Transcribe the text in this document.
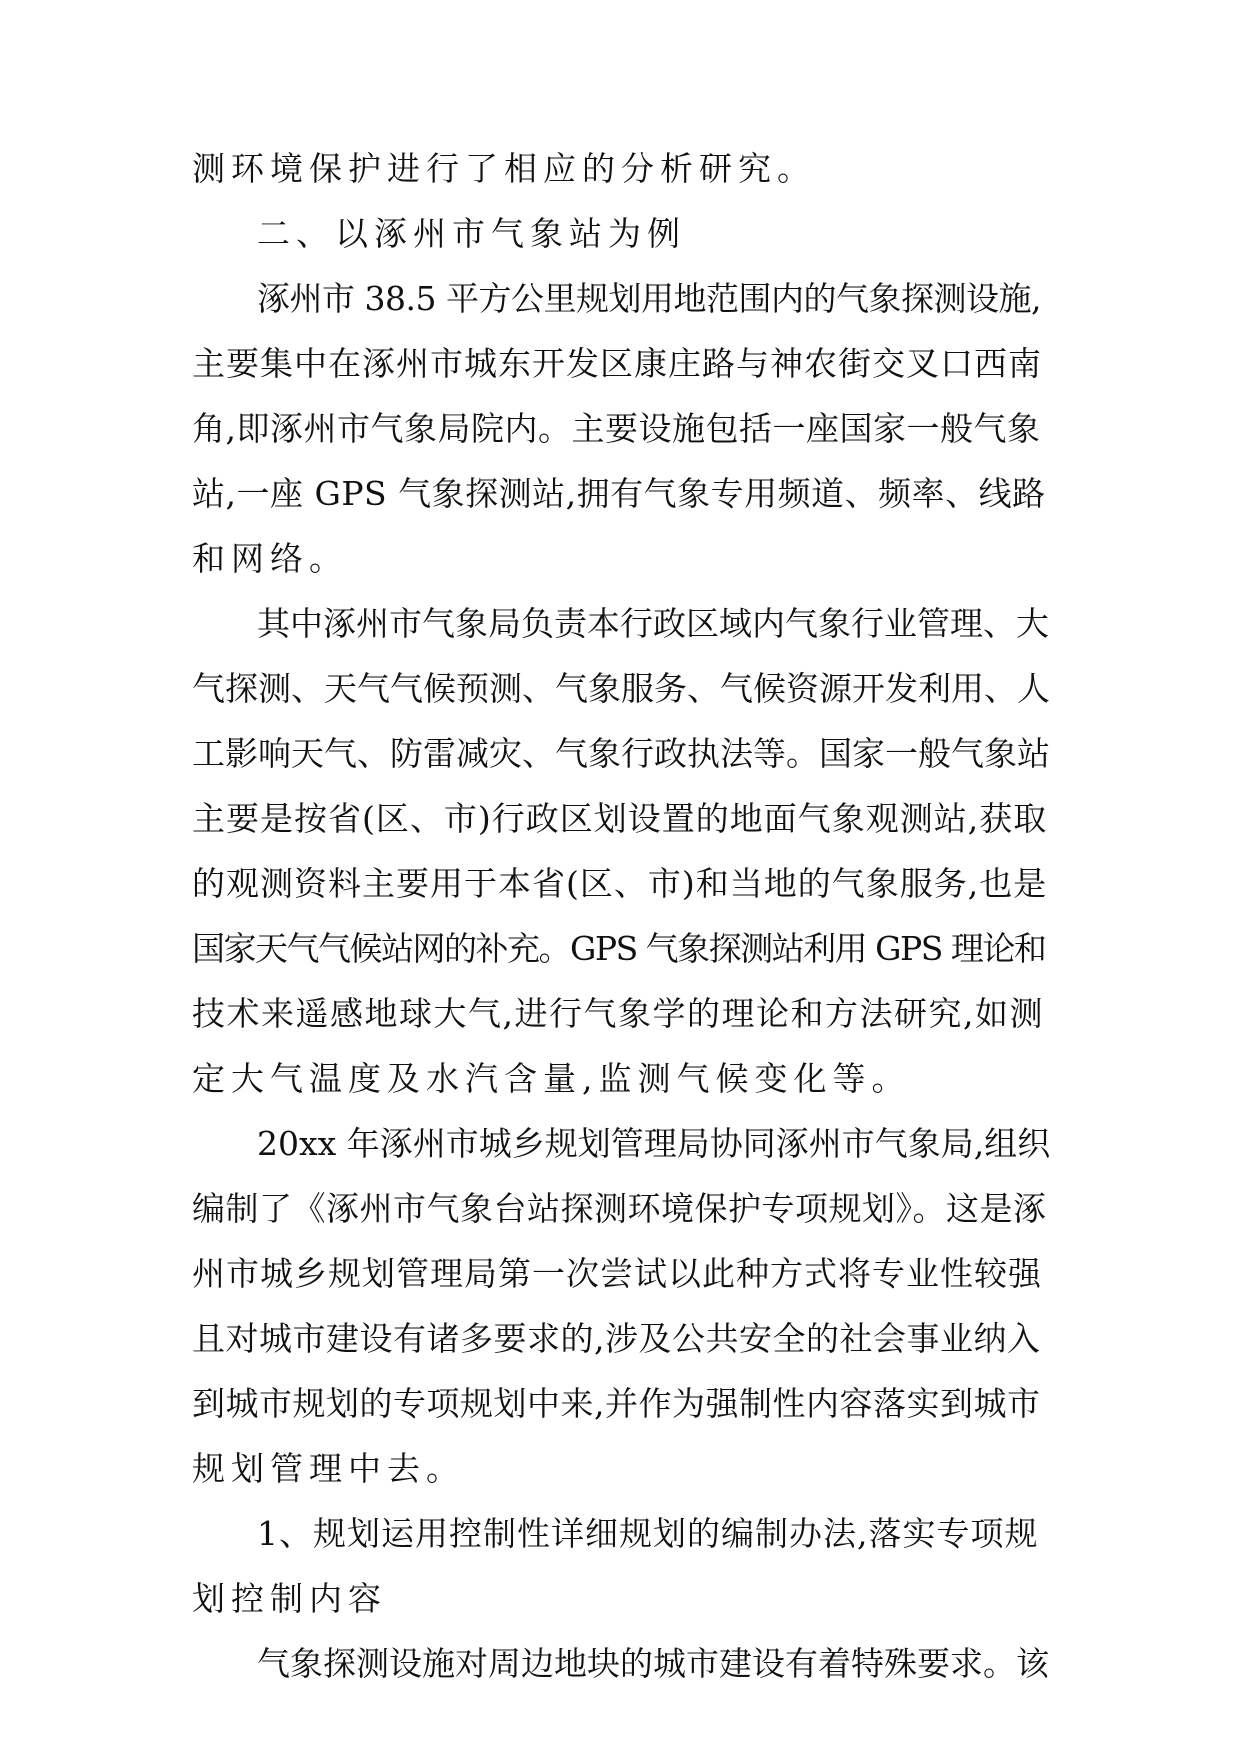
测环境保护进行了相应的分析研究。

二、以涿州市气象站为例

涿州市 38.5 平方公里规划用地范围内的气象探测设施,

主要集中在涿州市城东开发区康庄路与神农街交叉口西南

角,即涿州市气象局院内。主要设施包括一座国家一般气象

站,一座 GPS 气象探测站,拥有气象专用频道、频率、线路

和网络。

其中涿州市气象局负责本行政区域内气象行业管理、大

气探测、天气气候预测、气象服务、气候资源开发利用、人

工影响天气、防雷减灾、气象行政执法等。国家一般气象站

主要是按省(区、市)行政区划设置的地面气象观测站,获取

的观测资料主要用于本省(区、市)和当地的气象服务,也是

国家天气气候站网的补充。GPS 气象探测站利用 GPS 理论和

技术来遥感地球大气,进行气象学的理论和方法研究,如测

定大气温度及水汽含量,监测气候变化等。

20xx 年涿州市城乡规划管理局协同涿州市气象局,组织

编制了《涿州市气象台站探测环境保护专项规划》。这是涿

州市城乡规划管理局第一次尝试以此种方式将专业性较强

且对城市建设有诸多要求的,涉及公共安全的社会事业纳入

到城市规划的专项规划中来,并作为强制性内容落实到城市

规划管理中去。

1、规划运用控制性详细规划的编制办法,落实专项规

划控制内容

气象探测设施对周边地块的城市建设有着特殊要求。该
